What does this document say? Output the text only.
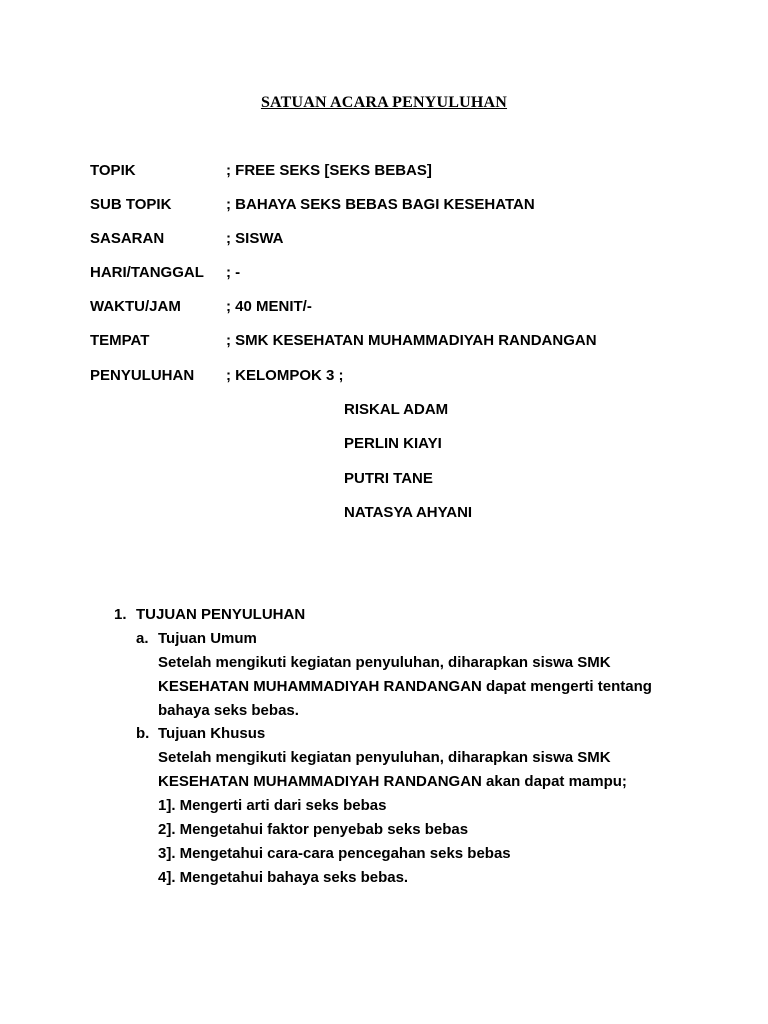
SATUAN ACARA PENYULUHAN
TOPIK	; FREE SEKS [SEKS BEBAS]
SUB TOPIK	; BAHAYA SEKS BEBAS BAGI KESEHATAN
SASARAN	; SISWA
HARI/TANGGAL ; -
WAKTU/JAM	; 40 MENIT/-
TEMPAT	; SMK KESEHATAN MUHAMMADIYAH RANDANGAN
PENYULUHAN ; KELOMPOK 3 ;
RISKAL ADAM
PERLIN KIAYI
PUTRI TANE
NATASYA AHYANI
1. TUJUAN PENYULUHAN
a. Tujuan Umum
Setelah mengikuti kegiatan penyuluhan, diharapkan siswa SMK
KESEHATAN MUHAMMADIYAH RANDANGAN dapat mengerti tentang
bahaya seks bebas.
b. Tujuan Khusus
Setelah mengikuti kegiatan penyuluhan, diharapkan siswa SMK
KESEHATAN MUHAMMADIYAH RANDANGAN akan dapat mampu;
1]. Mengerti arti dari seks bebas
2]. Mengetahui faktor penyebab seks bebas
3]. Mengetahui cara-cara pencegahan seks bebas
4]. Mengetahui bahaya seks bebas.
